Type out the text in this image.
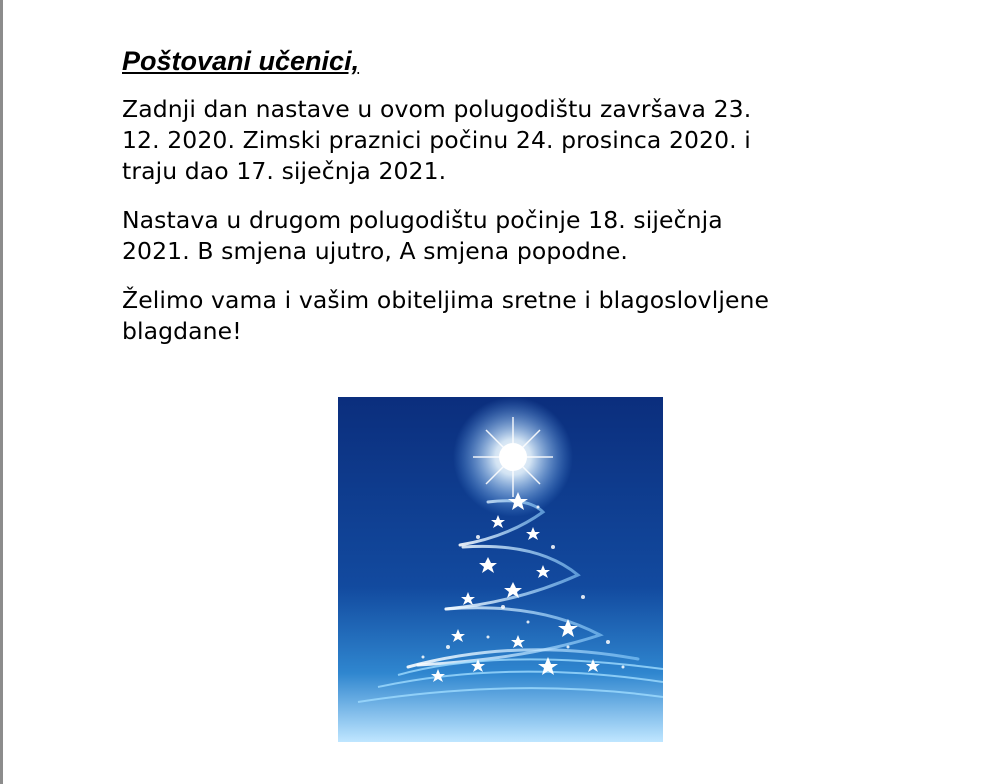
Poštovani učenici,
Zadnji dan nastave u ovom polugodištu završava 23.
12. 2020. Zimski praznici počinu 24. prosinca 2020. i
traju dao 17. siječnja 2021.
Nastava u drugom polugodištu počinje 18. siječnja
2021. B smjena ujutro, A smjena popodne.
Želimo vama i vašim obiteljima sretne i blagoslovljene
blagdane!
